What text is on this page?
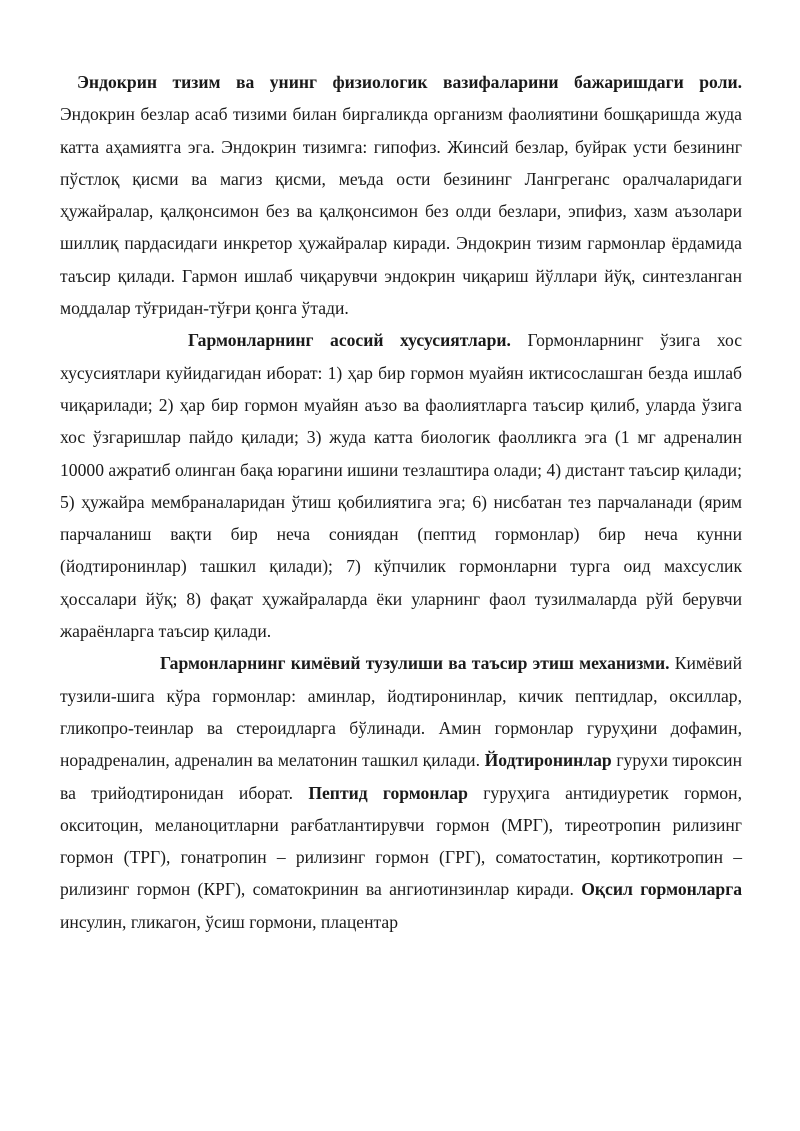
Эндокрин тизим ва унинг физиологик вазифаларини бажаришдаги роли. Эндокрин безлар асаб тизими билан биргаликда организм фаолиятини бошқаришда жуда катта аҳамиятга эга. Эндокрин тизимга: гипофиз. Жинсий безлар, буйрак усти безининг пўстлоқ қисми ва магиз қисми, меъда ости безининг Лангреганс оралчаларидаги ҳужайралар, қалқонсимон без ва қалқонсимон без олди безлари, эпифиз, хазм аъзолари шиллиқ пардасидаги инкретор ҳужайралар киради. Эндокрин тизим гармонлар ёрдамида таъсир қилади. Гармон ишлаб чиқарувчи эндокрин чиқариш йўллари йўқ, синтезланган моддалар тўғридан-тўғри қонга ўтади.

Гармонларнинг асосий хусусиятлари. Гормонларнинг ўзига хос хусусиятлари куйидагидан иборат: 1) ҳар бир гормон муайян иктисослашган безда ишлаб чиқарилади; 2) ҳар бир гормон муайян аъзо ва фаолиятларга таъсир қилиб, уларда ўзига хос ўзгаришлар пайдо қилади; 3) жуда катта биологик фаолликга эга (1 мг адреналин 10000 ажратиб олинган бақа юрагини ишини тезлаштира олади; 4) дистант таъсир қилади; 5) ҳужайра мембраналаридан ўтиш қобилиятига эга; 6) нисбатан тез парчаланади (ярим парчаланиш вақти бир неча сониядан (пептид гормонлар) бир неча кунни (йодтиронинлар) ташкил қилади); 7) кўпчилик гормонларни турга оид махсуслик ҳоссалари йўқ; 8) фақат ҳужайраларда ёки уларнинг фаол тузилмаларда рўй берувчи жараёнларга таъсир қилади.

Гармонларнинг кимёвий тузулиши ва таъсир этиш механизми. Кимёвий тузили-шига кўра гормонлар: аминлар, йодтиронинлар, кичик пептидлар, оксиллар, гликопро-теинлар ва стероидларга бўлинади. Амин гормонлар гуруҳини дофамин, норадреналин, адреналин ва мелатонин ташкил қилади. Йодтиронинлар гурухи тироксин ва трийодтиронидан иборат. Пептид гормонлар гуруҳига антидиуретик гормон, окситоцин, меланоцитларни рағбатлантирувчи гормон (МРГ), тиреотропин рилизинг гормон (ТРГ), гонатропин – рилизинг гормон (ГРГ), соматостатин, кортикотропин – рилизинг гормон (КРГ), соматокринин ва ангиотинзинлар киради. Оқсил гормонларга инсулин, гликагон, ўсиш гормони, плацентар
